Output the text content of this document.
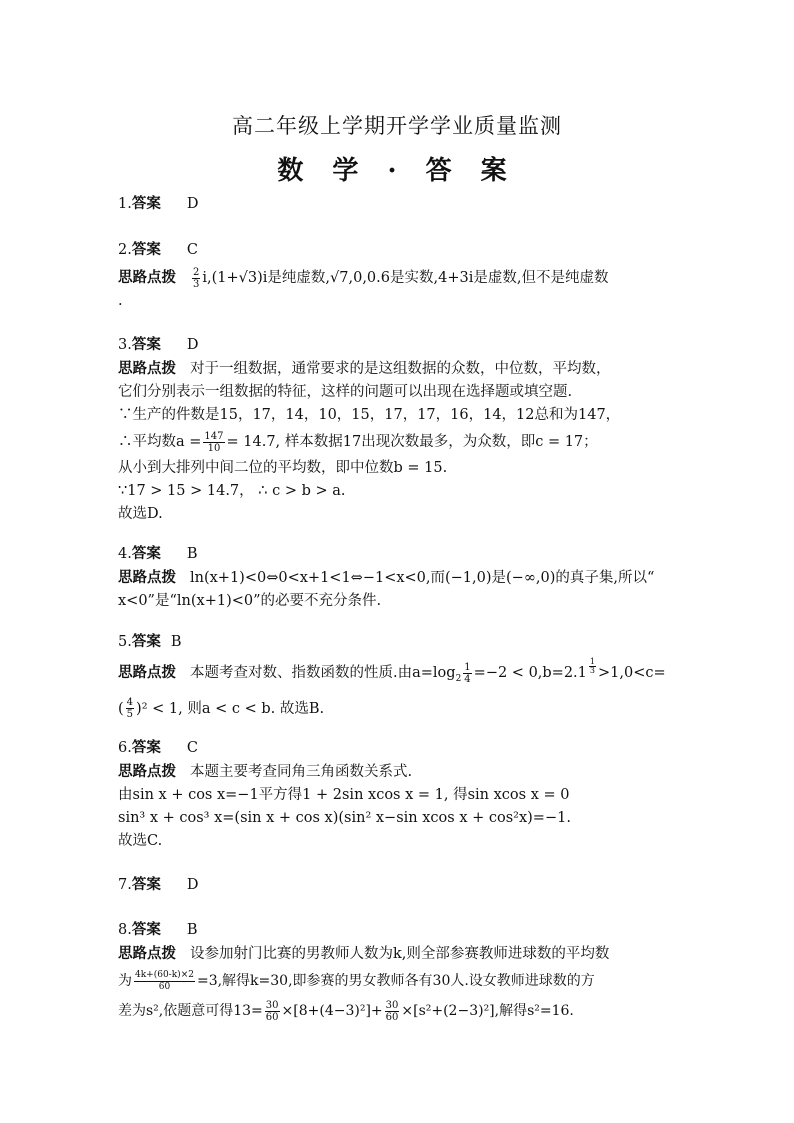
高二年级上学期开学学业质量监测
数 学 · 答 案
1.答案 D
2.答案 C
思路点拨 $\frac{2}{3} i,(1+√3)i$是纯虚数,√7,0,0.6是实数,4+3i是虚数,但不是纯虚数
.
3.答案 D
思路点拨 对于一组数据，通常要求的是这组数据的众数，中位数，平均数，
它们分别表示一组数据的特征，这样的问题可以出现在选择题或填空题.
∵生产的件数是15，17，14，10，15，17，17，16，14，12总和为147，
∴平均数$a = \frac{147}{10} = 14.7$, 样本数据17出现次数最多，为众数，即c = 17；
从小到大排列中间二位的平均数，即中位数b = 15.
∵17 > 15 > 14.7， ∴ c > b > a.
故选D.
4.答案 B
思路点拨 ln(x+1)<0⇔0<x+1<1⇔−1<x<0,而(−1,0)是(−∞,0)的真子集,所以“
x<0”是“ln(x+1)<0”的必要不充分条件.
5.答案 B
思路点拨 本题考查对数、指数函数的性质.由$a=\log_2 \frac{1}{4} =-2 < 0,b=2.1 \frac{1}{3} >1,0<c=$
( $\frac{4}{5} )^2 < 1$, 则a < c < b. 故选B.
6.答案 C
思路点拨 本题主要考查同角三角函数关系式.
由sin x + cos x=−1平方得1 + 2sin xcos x = 1, 得sin xcos x = 0
sin³ x + cos³ x=(sin x + cos x)(sin² x−sin xcos x + cos²x)=−1.
故选C.
7.答案 D
8.答案 B
思路点拨 设参加射门比赛的男教师人数为k,则全部参赛教师进球数的平均数
为 $\frac{4k+(60-k)\times 2}{60} =3$,解得k=30,即参赛的男女教师各有30人.设女教师进球数的方
差为s²,依题意可得$13= \frac{30}{60} \times[8+(4-3)^2]+ \frac{30}{60} \times[s^2+(2-3)^2]$,解得s²=16.
